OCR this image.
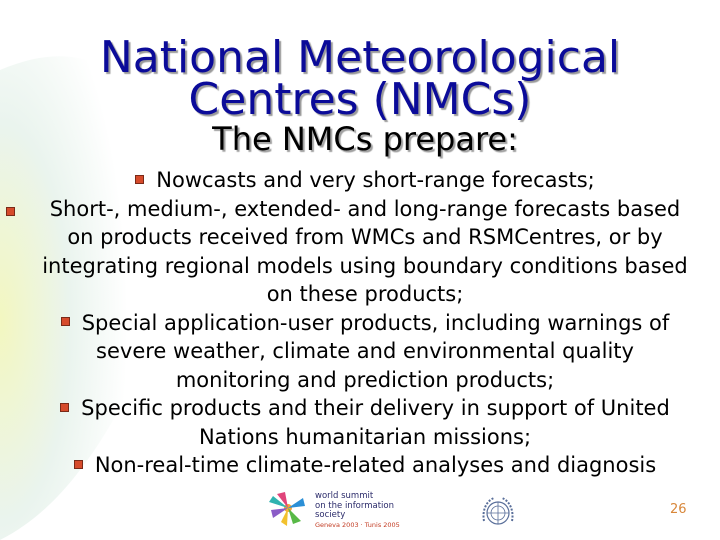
National Meteorological
Centres (NMCs)
The NMCs prepare:
Nowcasts and very short-range forecasts;
Short-, medium-, extended- and long-range forecasts based
on products received from WMCs and RSMCentres, or by
integrating regional models using boundary conditions based
on these products;
Special application-user products, including warnings of
severe weather, climate and environmental quality
monitoring and prediction products;
Specific products and their delivery in support of United
Nations humanitarian missions;
Non-real-time climate-related analyses and diagnosis
world summit
on the information society
Geneva 2003 · Tunis 2005
26
